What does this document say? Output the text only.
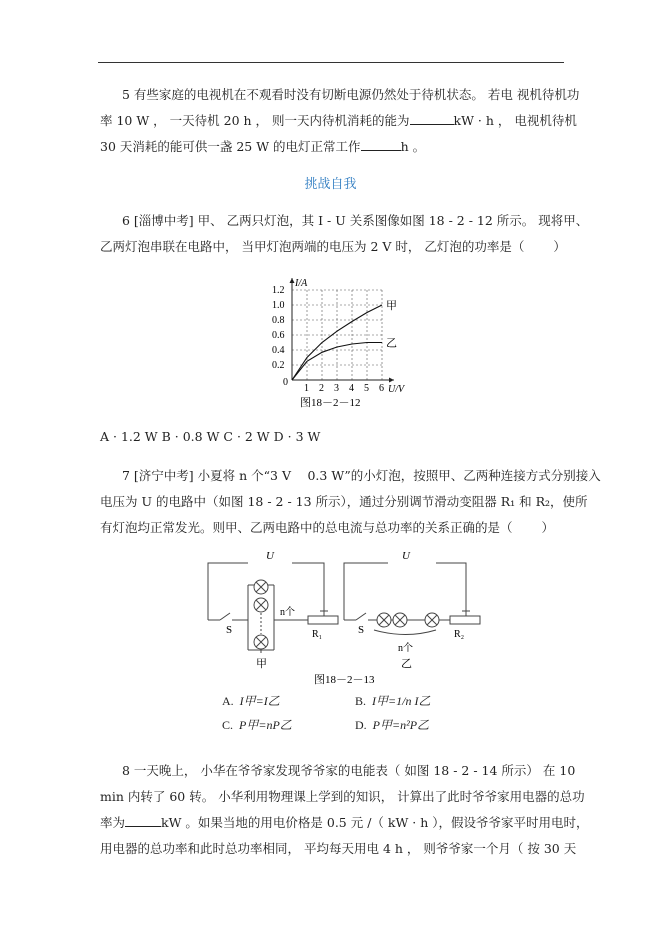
5 有些家庭的电视机在不观看时没有切断电源仍然处于待机状态。 若电 视机待机功

率 10 W ， 一天待机 20 h ， 则一天内待机消耗的能为	kW · h ， 电视机待机

30 天消耗的能可供一盏 25 W 的电灯正常工作	h 。

挑战自我

6 [淄博中考] 甲、 乙两只灯泡，其 I - U 关系图像如图 18 - 2 - 12 所示。 现将甲、

乙两灯泡串联在电路中， 当甲灯泡两端的电压为 2 V 时， 乙灯泡的功率是（　　 ）

1 2 3 4 5 6
0.2
0.4
0.6
0.8
1.0
1.2
0
I/A
U/V
甲
乙
图18－2－12

A · 1.2 W B · 0.8 W C · 2 W D · 3 W

7 [济宁中考] 小夏将 n 个“3 V　 0.3 W”的小灯泡，按照甲、乙两种连接方式分别接入

电压为 U 的电路中（如图 18 - 2 - 13 所示），通过分别调节滑动变阻器 R₁ 和 R₂，使所

有灯泡均正常发光。则甲、乙两电路中的总电流与总功率的关系正确的是（　　 ）

U
S
n个
R₁
甲
U
S
n个
R₂
乙
图18－2－13
A. I甲=I乙	B. I甲=1/n I乙
C. P甲=nP乙	D. P甲=n²P乙

8 一天晚上， 小华在爷爷家发现爷爷家的电能表（ 如图 18 - 2 - 14 所示） 在 10

min 内转了 60 转。 小华利用物理课上学到的知识， 计算出了此时爷爷家用电器的总功

率为	kW 。如果当地的用电价格是 0.5 元 /（ kW · h ），假设爷爷家平时用电时，

用电器的总功率和此时总功率相同， 平均每天用电 4 h ， 则爷爷家一个月（ 按 30 天
